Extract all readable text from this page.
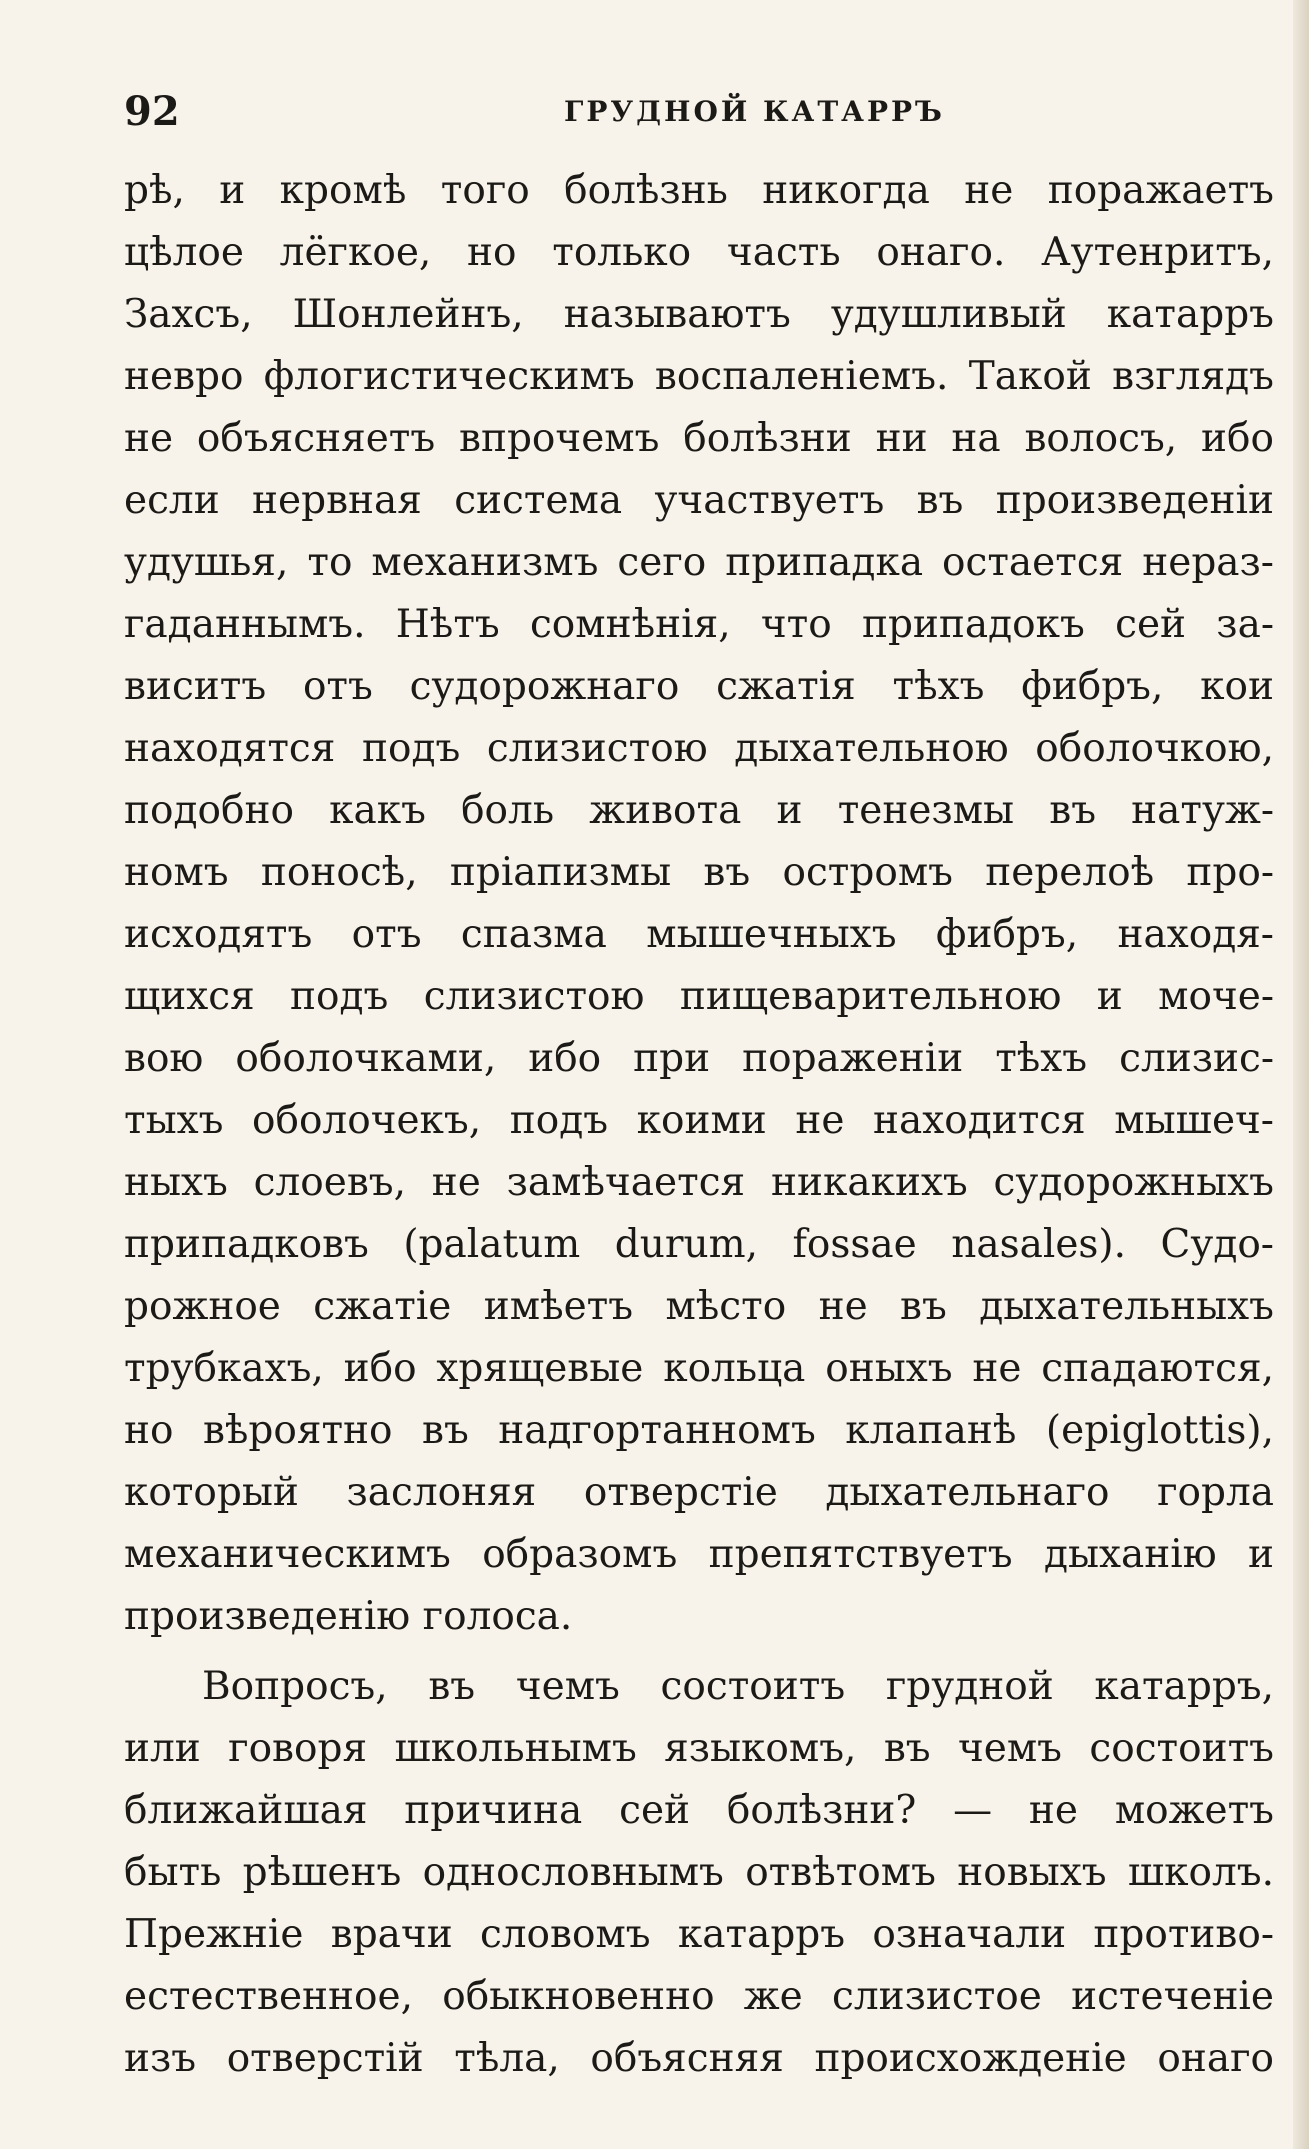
92	ГРУДНОЙ КАТАРРЪ
рѣ, и кромѣ того болѣзнь никогда не поражаетъ
цѣлое лёгкое, но только часть онаго. Аутенритъ,
Захсъ, Шонлейнъ, называютъ удушливый катарръ
невро флогистическимъ воспаленіемъ. Такой взглядъ
не объясняетъ впрочемъ болѣзни ни на волосъ, ибо
если нервная система участвуетъ въ произведеніи
удушья, то механизмъ сего припадка остается нераз-
гаданнымъ. Нѣтъ сомнѣнія, что припадокъ сей за-
виситъ отъ судорожнаго сжатія тѣхъ фибръ, кои
находятся подъ слизистою дыхательною оболочкою,
подобно какъ боль живота и тенезмы въ натуж-
номъ поносѣ, пріапизмы въ остромъ перелоѣ про-
исходятъ отъ спазма мышечныхъ фибръ, находя-
щихся подъ слизистою пищеварительною и моче-
вою оболочками, ибо при пораженіи тѣхъ слизис-
тыхъ оболочекъ, подъ коими не находится мышеч-
ныхъ слоевъ, не замѣчается никакихъ судорожныхъ
припадковъ (palatum durum, fossae nasales). Судо-
рожное сжатіе имѣетъ мѣсто не въ дыхательныхъ
трубкахъ, ибо хрящевые кольца оныхъ не спадаются,
но вѣроятно въ надгортанномъ клапанѣ (epiglottis),
который заслоняя отверстіе дыхательнаго горла
механическимъ образомъ препятствуетъ дыханію и
произведенію голоса.
Вопросъ, въ чемъ состоитъ грудной катарръ,
или говоря школьнымъ языкомъ, въ чемъ состоитъ
ближайшая причина сей болѣзни? — не можетъ
быть рѣшенъ однословнымъ отвѣтомъ новыхъ школъ.
Прежніе врачи словомъ катарръ означали противо-
естественное, обыкновенно же слизистое истеченіе
изъ отверстій тѣла, объясняя происхожденіе онаго
